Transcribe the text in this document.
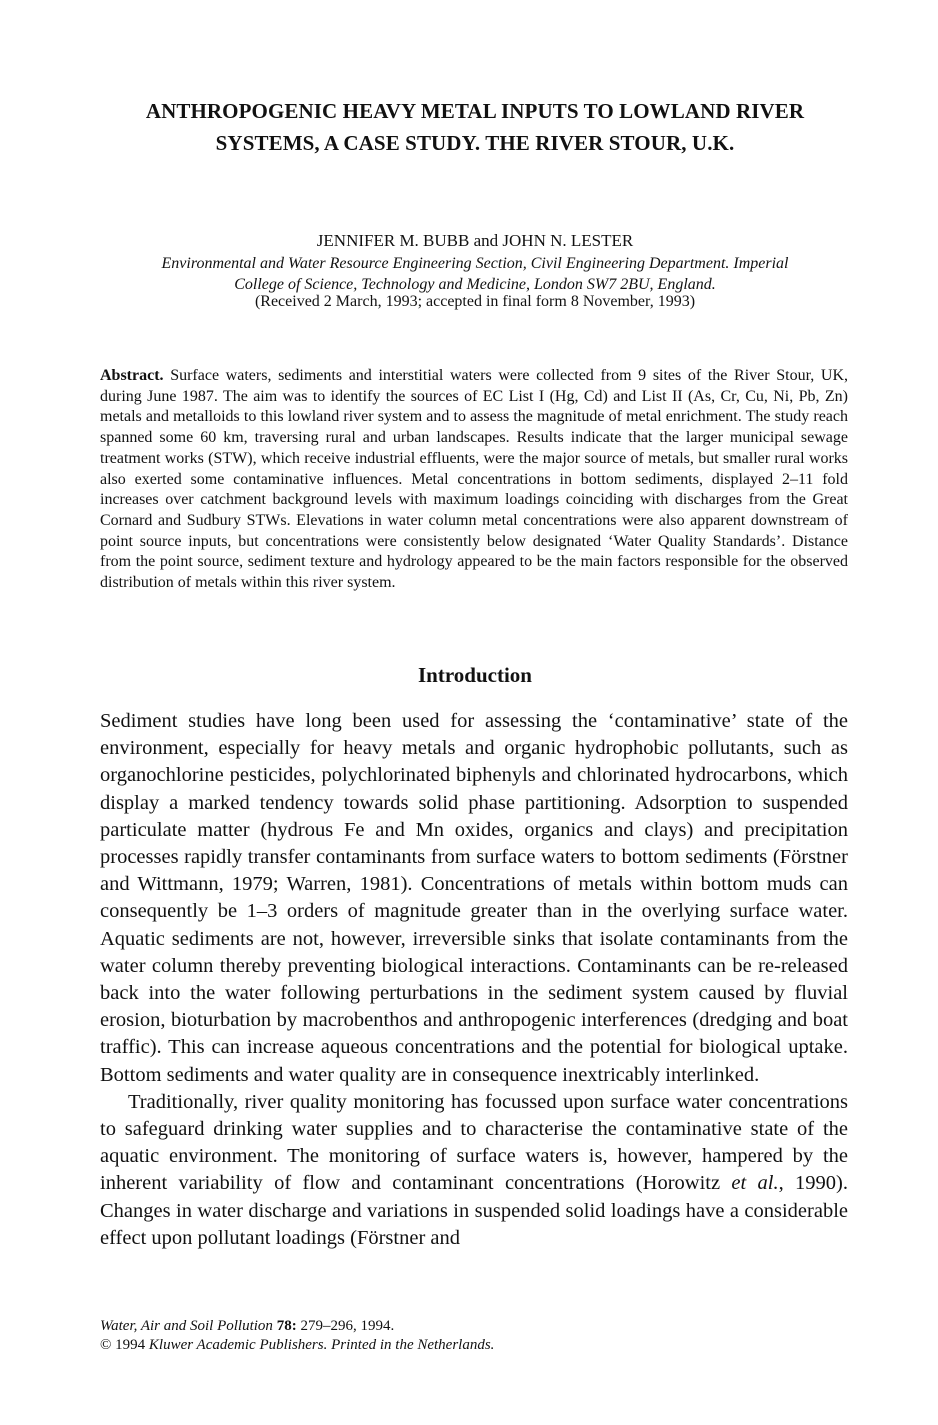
ANTHROPOGENIC HEAVY METAL INPUTS TO LOWLAND RIVER
SYSTEMS, A CASE STUDY. THE RIVER STOUR, U.K.
JENNIFER M. BUBB and JOHN N. LESTER
Environmental and Water Resource Engineering Section, Civil Engineering Department. Imperial
College of Science, Technology and Medicine, London SW7 2BU, England.
(Received 2 March, 1993; accepted in final form 8 November, 1993)
Abstract. Surface waters, sediments and interstitial waters were collected from 9 sites of the River Stour, UK, during June 1987. The aim was to identify the sources of EC List I (Hg, Cd) and List II (As, Cr, Cu, Ni, Pb, Zn) metals and metalloids to this lowland river system and to assess the magnitude of metal enrichment. The study reach spanned some 60 km, traversing rural and urban landscapes. Results indicate that the larger municipal sewage treatment works (STW), which receive industrial effluents, were the major source of metals, but smaller rural works also exerted some contaminative influences. Metal concentrations in bottom sediments, displayed 2–11 fold increases over catchment background levels with maximum loadings coinciding with discharges from the Great Cornard and Sudbury STWs. Elevations in water column metal concentrations were also apparent downstream of point source inputs, but concentrations were consistently below designated ‘Water Quality Standards’. Distance from the point source, sediment texture and hydrology appeared to be the main factors responsible for the observed distribution of metals within this river system.
Introduction

Sediment studies have long been used for assessing the ‘contaminative’ state of the environment, especially for heavy metals and organic hydrophobic pollutants, such as organochlorine pesticides, polychlorinated biphenyls and chlorinated hydrocarbons, which display a marked tendency towards solid phase partitioning. Adsorption to suspended particulate matter (hydrous Fe and Mn oxides, organics and clays) and precipitation processes rapidly transfer contaminants from surface waters to bottom sediments (Förstner and Wittmann, 1979; Warren, 1981). Concentrations of metals within bottom muds can consequently be 1–3 orders of magnitude greater than in the overlying surface water. Aquatic sediments are not, however, irreversible sinks that isolate contaminants from the water column thereby preventing biological interactions. Contaminants can be re-released back into the water following perturbations in the sediment system caused by fluvial erosion, bioturbation by macrobenthos and anthropogenic interferences (dredging and boat traffic). This can increase aqueous concentrations and the potential for biological uptake. Bottom sediments and water quality are in consequence inextricably interlinked.

Traditionally, river quality monitoring has focussed upon surface water concentrations to safeguard drinking water supplies and to characterise the contaminative state of the aquatic environment. The monitoring of surface waters is, however, hampered by the inherent variability of flow and contaminant concentrations (Horowitz et al., 1990). Changes in water discharge and variations in suspended solid loadings have a considerable effect upon pollutant loadings (Förstner and

Water, Air and Soil Pollution 78: 279–296, 1994.
© 1994 Kluwer Academic Publishers. Printed in the Netherlands.
